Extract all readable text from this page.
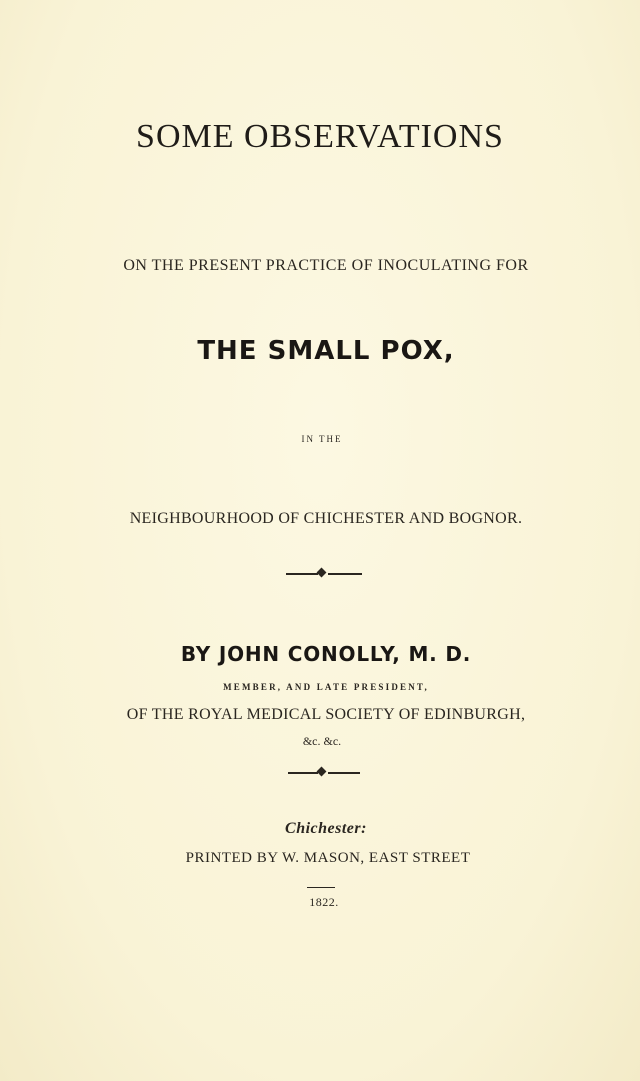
SOME OBSERVATIONS
ON THE PRESENT PRACTICE OF INOCULATING FOR
THE SMALL POX,
IN THE
NEIGHBOURHOOD OF CHICHESTER AND BOGNOR.
BY JOHN CONOLLY, M. D.
MEMBER, AND LATE PRESIDENT,
OF THE ROYAL MEDICAL SOCIETY OF EDINBURGH,
&c. &c.
Chichester:
PRINTED BY W. MASON, EAST STREET
1822.
